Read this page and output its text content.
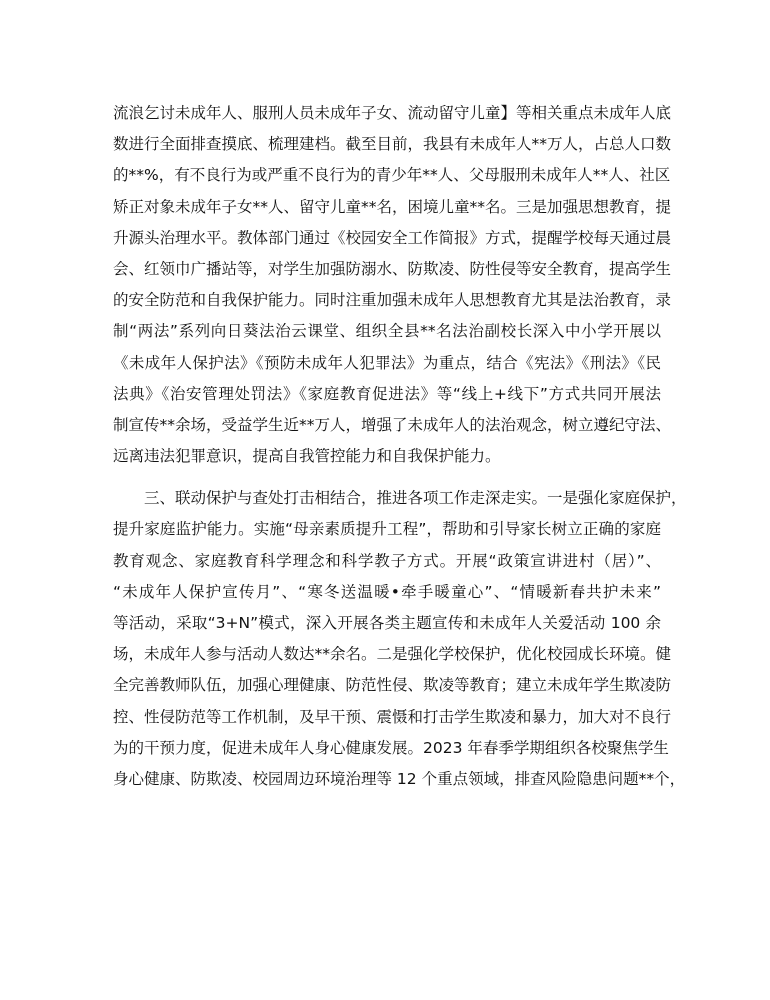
流浪乞讨未成年人、服刑人员未成年子女、流动留守儿童】等相关重点未成年人底
数进行全面排查摸底、梳理建档。截至目前，我县有未成年人**万人，占总人口数
的**%，有不良行为或严重不良行为的青少年**人、父母服刑未成年人**人、社区
矫正对象未成年子女**人、留守儿童**名，困境儿童**名。三是加强思想教育，提
升源头治理水平。教体部门通过《校园安全工作简报》方式，提醒学校每天通过晨
会、红领巾广播站等，对学生加强防溺水、防欺凌、防性侵等安全教育，提高学生
的安全防范和自我保护能力。同时注重加强未成年人思想教育尤其是法治教育，录
制“两法”系列向日葵法治云课堂、组织全县**名法治副校长深入中小学开展以
《未成年人保护法》《预防未成年人犯罪法》为重点，结合《宪法》《刑法》《民
法典》《治安管理处罚法》《家庭教育促进法》等“线上+线下”方式共同开展法
制宣传**余场，受益学生近**万人，增强了未成年人的法治观念，树立遵纪守法、
远离违法犯罪意识，提高自我管控能力和自我保护能力。
三、联动保护与查处打击相结合，推进各项工作走深走实。一是强化家庭保护，
提升家庭监护能力。实施“母亲素质提升工程”，帮助和引导家长树立正确的家庭
教育观念、家庭教育科学理念和科学教子方式。开展“政策宣讲进村（居）”、
“未成年人保护宣传月”、“寒冬送温暖•牵手暖童心”、“情暖新春共护未来”
等活动，采取“3+N”模式，深入开展各类主题宣传和未成年人关爱活动 100 余
场，未成年人参与活动人数达**余名。二是强化学校保护，优化校园成长环境。健
全完善教师队伍，加强心理健康、防范性侵、欺凌等教育；建立未成年学生欺凌防
控、性侵防范等工作机制，及早干预、震慑和打击学生欺凌和暴力，加大对不良行
为的干预力度，促进未成年人身心健康发展。2023 年春季学期组织各校聚焦学生
身心健康、防欺凌、校园周边环境治理等 12 个重点领域，排查风险隐患问题**个，
